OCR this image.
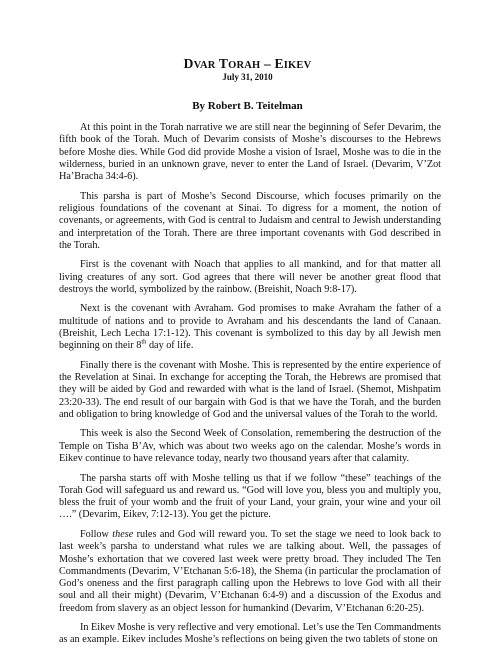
DVAR TORAH – EIKEV
July 31, 2010
By Robert B. Teitelman

At this point in the Torah narrative we are still near the beginning of Sefer Devarim, the fifth book of the Torah. Much of Devarim consists of Moshe’s discourses to the Hebrews before Moshe dies. While God did provide Moshe a vision of Israel, Moshe was to die in the wilderness, buried in an unknown grave, never to enter the Land of Israel. (Devarim, V’Zot Ha’Bracha 34:4-6).

This parsha is part of Moshe’s Second Discourse, which focuses primarily on the religious foundations of the covenant at Sinai. To digress for a moment, the notion of covenants, or agreements, with God is central to Judaism and central to Jewish understanding and interpretation of the Torah. There are three important covenants with God described in the Torah.

First is the covenant with Noach that applies to all mankind, and for that matter all living creatures of any sort. God agrees that there will never be another great flood that destroys the world, symbolized by the rainbow. (Breishit, Noach 9:8-17).

Next is the covenant with Avraham. God promises to make Avraham the father of a multitude of nations and to provide to Avraham and his descendants the land of Canaan. (Breishit, Lech Lecha 17:1-12). This covenant is symbolized to this day by all Jewish men beginning on their 8th day of life.

Finally there is the covenant with Moshe. This is represented by the entire experience of the Revelation at Sinai. In exchange for accepting the Torah, the Hebrews are promised that they will be aided by God and rewarded with what is the land of Israel. (Shemot, Mishpatim 23:20-33). The end result of our bargain with God is that we have the Torah, and the burden and obligation to bring knowledge of God and the universal values of the Torah to the world.

This week is also the Second Week of Consolation, remembering the destruction of the Temple on Tisha B’Av, which was about two weeks ago on the calendar. Moshe’s words in Eikev continue to have relevance today, nearly two thousand years after that calamity.

The parsha starts off with Moshe telling us that if we follow “these” teachings of the Torah God will safeguard us and reward us. “God will love you, bless you and multiply you, bless the fruit of your womb and the fruit of your Land, your grain, your wine and your oil ….” (Devarim, Eikev, 7:12-13). You get the picture.

Follow these rules and God will reward you. To set the stage we need to look back to last week’s parsha to understand what rules we are talking about. Well, the passages of Moshe’s exhortation that we covered last week were pretty broad. They included The Ten Commandments (Devarim, V’Etchanan 5:6-18), the Shema (in particular the proclamation of God’s oneness and the first paragraph calling upon the Hebrews to love God with all their soul and all their might) (Devarim, V’Etchanan 6:4-9) and a discussion of the Exodus and freedom from slavery as an object lesson for humankind (Devarim, V’Etchanan 6:20-25).

In Eikev Moshe is very reflective and very emotional. Let’s use the Ten Commandments as an example. Eikev includes Moshe’s reflections on being given the two tablets of stone on
